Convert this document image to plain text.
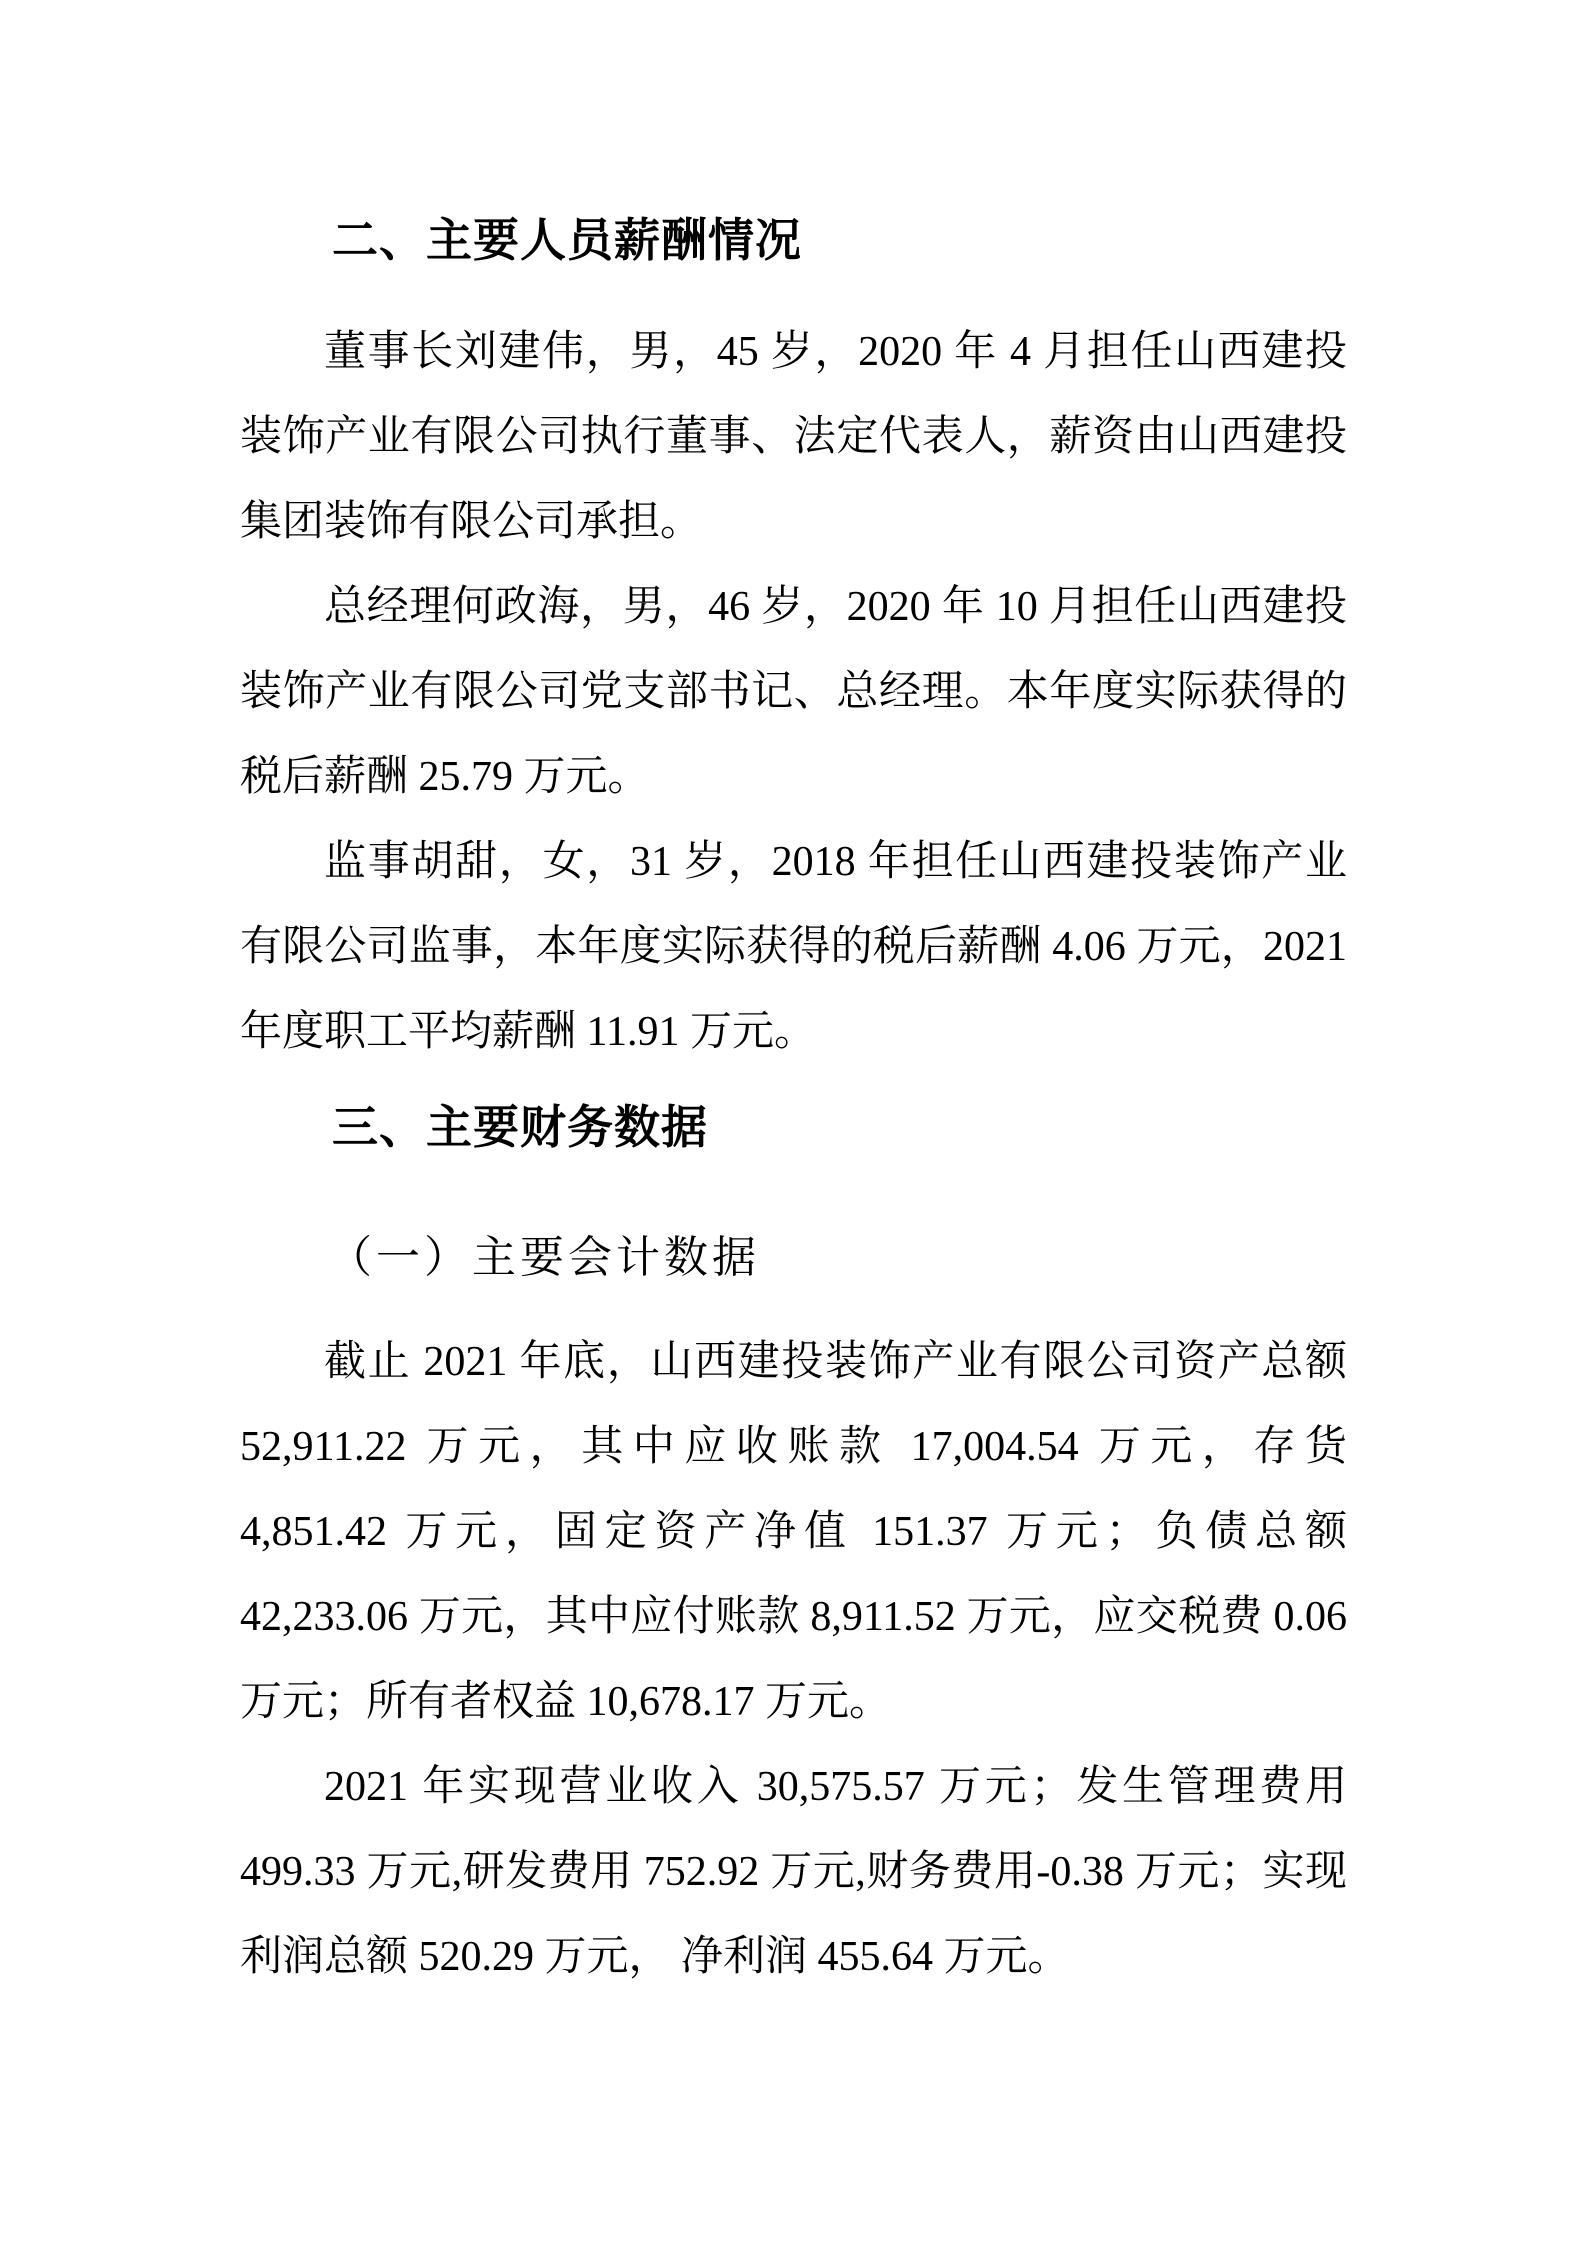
二、主要人员薪酬情况

董事长刘建伟，男，45 岁，2020 年 4 月担任山西建投装饰产业有限公司执行董事、法定代表人，薪资由山西建投集团装饰有限公司承担。

总经理何政海，男，46 岁，2020 年 10 月担任山西建投装饰产业有限公司党支部书记、总经理。本年度实际获得的税后薪酬 25.79 万元。

监事胡甜，女，31 岁，2018 年担任山西建投装饰产业有限公司监事，本年度实际获得的税后薪酬 4.06 万元，2021 年度职工平均薪酬 11.91 万元。

三、主要财务数据
（一）主要会计数据

截止 2021 年底，山西建投装饰产业有限公司资产总额 52,911.22 万元，其中应收账款 17,004.54 万元，存货 4,851.42 万元，固定资产净值 151.37 万元；负债总额 42,233.06 万元，其中应付账款 8,911.52 万元，应交税费 0.06 万元；所有者权益 10,678.17 万元。

2021 年实现营业收入 30,575.57 万元；发生管理费用 499.33 万元,研发费用 752.92 万元,财务费用-0.38 万元；实现利润总额 520.29 万元， 净利润 455.64 万元。
